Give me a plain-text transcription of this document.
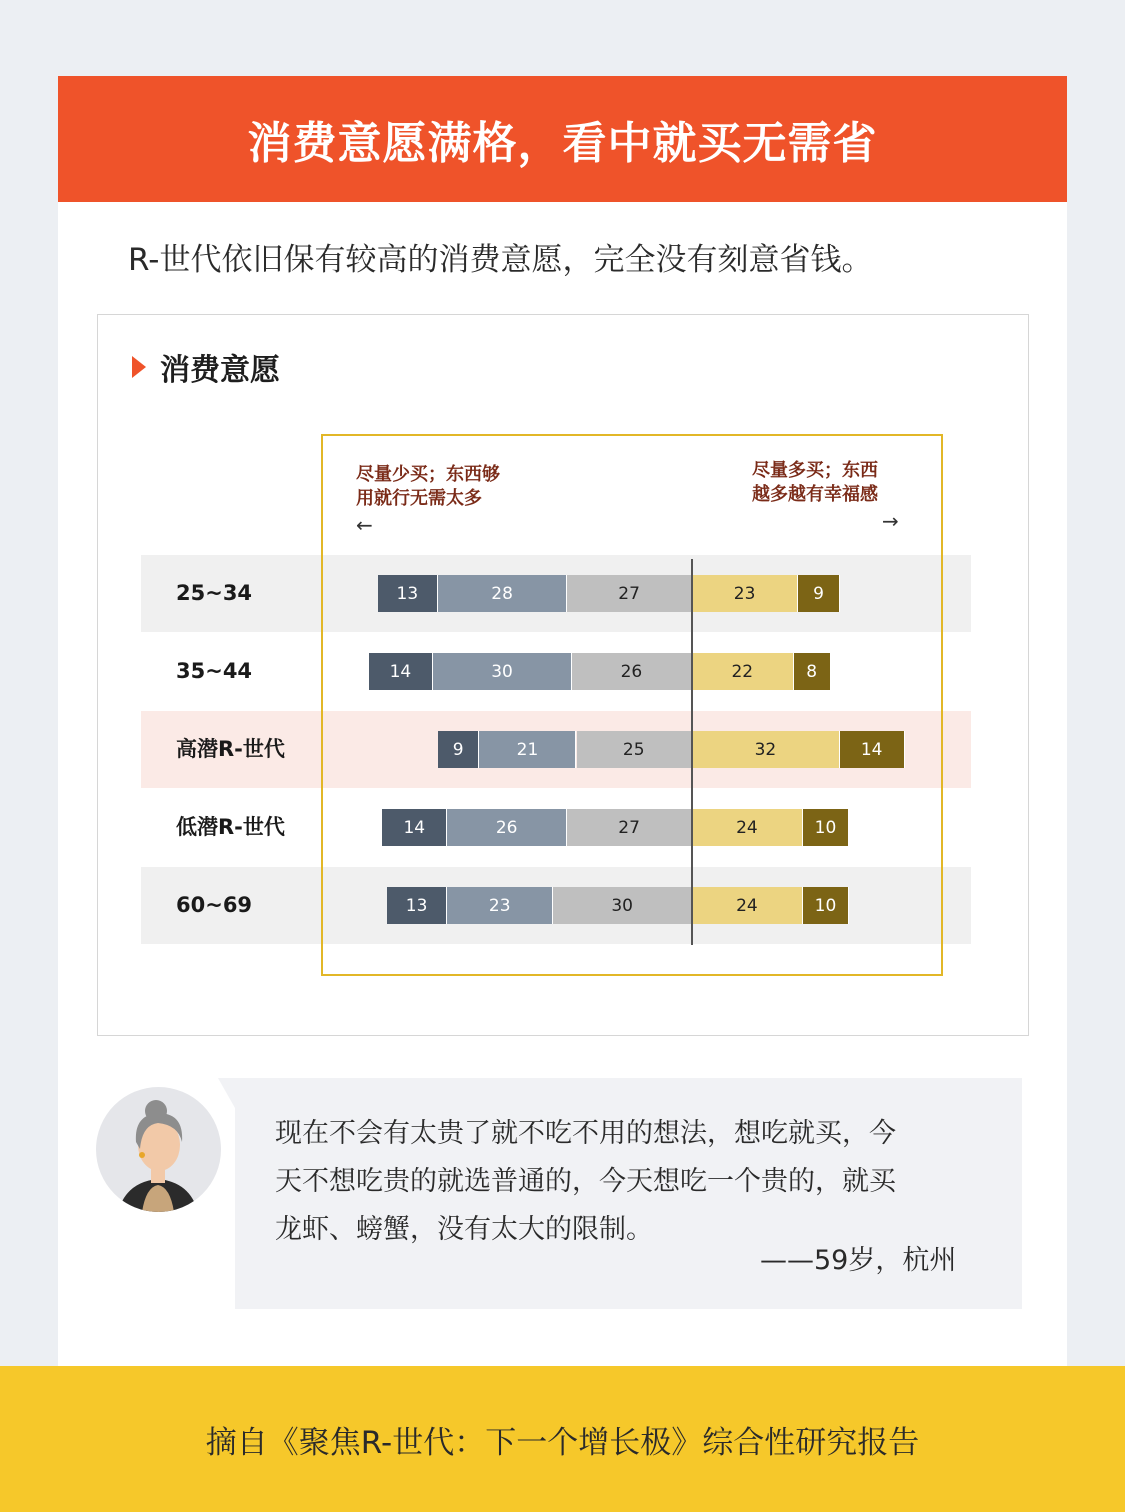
消费意愿满格，看中就买无需省
R-世代依旧保有较高的消费意愿，完全没有刻意省钱。
消费意愿
25~34	13	28	27	23	9
35~44	14	30	26	22	8
高潜R-世代	9	21	25	32	14
低潜R-世代	14	26	27	24	10
60~69	13	23	30	24	10
尽量少买；东西够
用就行无需太多
←
尽量多买；东西
越多越有幸福感
→
现在不会有太贵了就不吃不用的想法，想吃就买，今
天不想吃贵的就选普通的，今天想吃一个贵的，就买
龙虾、螃蟹，没有太大的限制。
——59岁，杭州
摘自《聚焦R-世代：下一个增长极》综合性研究报告
